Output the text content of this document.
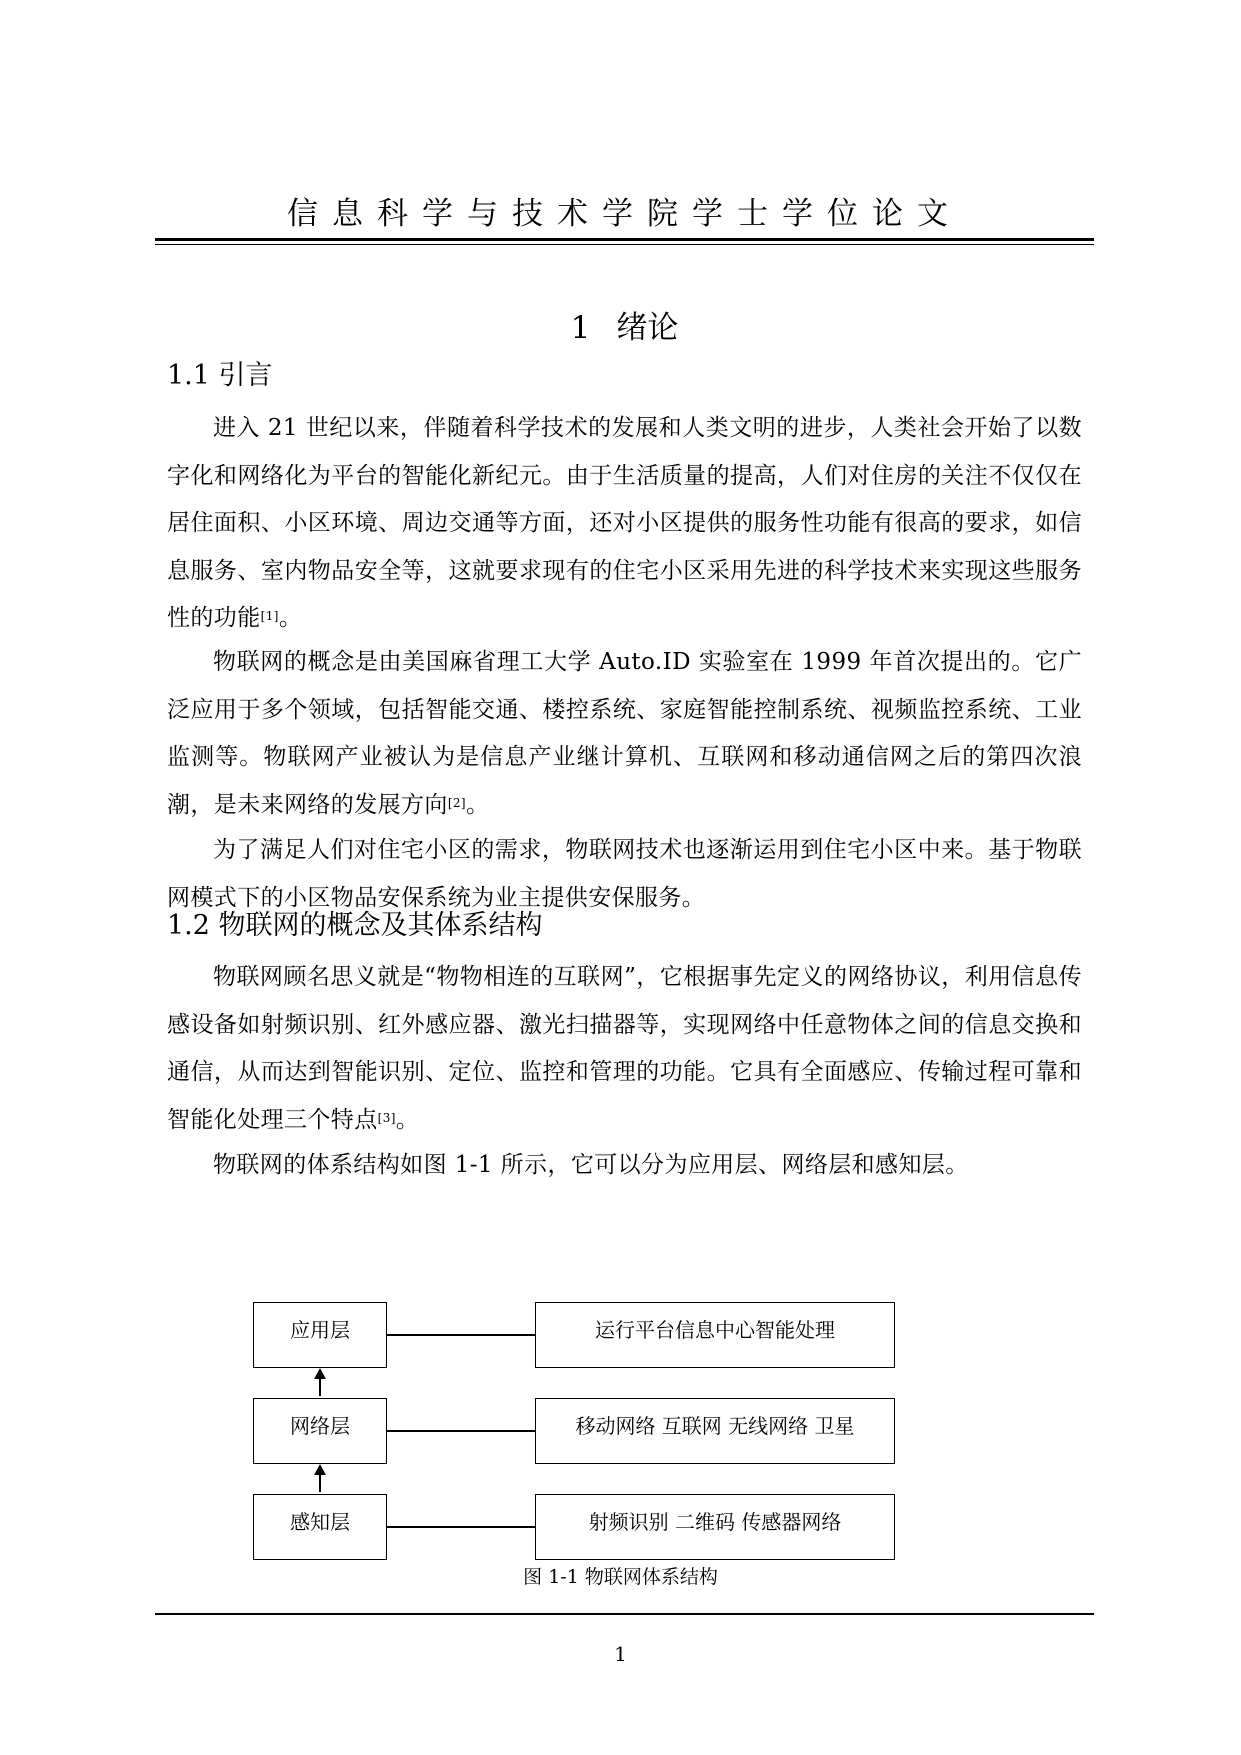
信息科学与技术学院学士学位论文
1 绪论
1.1 引言

进入 21 世纪以来，伴随着科学技术的发展和人类文明的进步，人类社会开始了以数字化和网络化为平台的智能化新纪元。由于生活质量的提高，人们对住房的关注不仅仅在居住面积、小区环境、周边交通等方面，还对小区提供的服务性功能有很高的要求，如信息服务、室内物品安全等，这就要求现有的住宅小区采用先进的科学技术来实现这些服务性的功能[1]。

物联网的概念是由美国麻省理工大学 Auto.ID 实验室在 1999 年首次提出的。它广泛应用于多个领域，包括智能交通、楼控系统、家庭智能控制系统、视频监控系统、工业监测等。物联网产业被认为是信息产业继计算机、互联网和移动通信网之后的第四次浪潮，是未来网络的发展方向[2]。

为了满足人们对住宅小区的需求，物联网技术也逐渐运用到住宅小区中来。基于物联网模式下的小区物品安保系统为业主提供安保服务。

1.2 物联网的概念及其体系结构

物联网顾名思义就是“物物相连的互联网”，它根据事先定义的网络协议，利用信息传感设备如射频识别、红外感应器、激光扫描器等，实现网络中任意物体之间的信息交换和通信，从而达到智能识别、定位、监控和管理的功能。它具有全面感应、传输过程可靠和智能化处理三个特点[3]。

物联网的体系结构如图 1-1 所示，它可以分为应用层、网络层和感知层。

应用层	运行平台信息中心智能处理
网络层	移动网络 互联网 无线网络 卫星
感知层	射频识别 二维码 传感器网络
图 1-1 物联网体系结构
1
